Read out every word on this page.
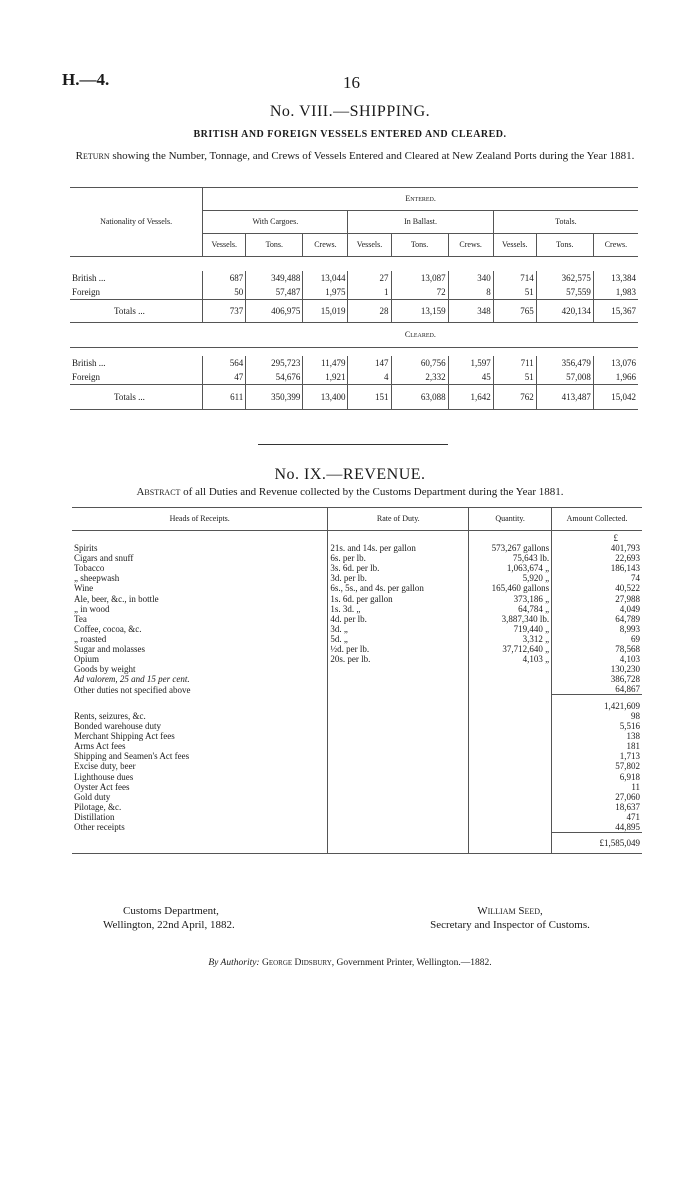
H.—4.	16
No. VIII.—SHIPPING.
BRITISH AND FOREIGN VESSELS ENTERED AND CLEARED.
Return showing the Number, Tonnage, and Crews of Vessels Entered and Cleared at New Zealand Ports during the Year 1881.
Nationality of Vessels.	Entered.								
	With Cargoes.			In Ballast.			Totals.		
	Vessels.	Tons.	Crews.	Vessels.	Tons.	Crews.	Vessels.	Tons.	Crews.

British ...	687	349,488	13,044	27	13,087	340	714	362,575	13,384
Foreign	50	57,487	1,975	1	72	8	51	57,559	1,983
Totals ...	737	406,975	15,019	28	13,159	348	765	420,134	15,367
	Cleared.								

British ...	564	295,723	11,479	147	60,756	1,597	711	356,479	13,076
Foreign	47	54,676	1,921	4	2,332	45	51	57,008	1,966
Totals ...	611	350,399	13,400	151	63,088	1,642	762	413,487	15,042
No. IX.—REVENUE.
Abstract of all Duties and Revenue collected by the Customs Department during the Year 1881.
Heads of Receipts.	Rate of Duty.	Quantity.	Amount Collected.
			£
Spirits	21s. and 14s. per gallon	573,267 gallons	401,793
Cigars and snuff	6s. per lb.	75,643 lb.	22,693
Tobacco	3s. 6d. per lb.	1,063,674 „	186,143
„ sheepwash	3d. per lb.	5,920 „	74
Wine	6s., 5s., and 4s. per gallon	165,460 gallons	40,522
Ale, beer, &c., in bottle	1s. 6d. per gallon	373,186 „	27,988
„ in wood	1s. 3d. „	64,784 „	4,049
Tea	4d. per lb.	3,887,340 lb.	64,789
Coffee, cocoa, &c.	3d. „	719,440 „	8,993
„ roasted	5d. „	3,312 „	69
Sugar and molasses	½d. per lb.	37,712,640 „	78,568
Opium	20s. per lb.	4,103 „	4,103
Goods by weight			130,230
Ad valorem, 25 and 15 per cent.			386,728
Other duties not specified above			64,867
			1,421,609
Rents, seizures, &c.			98
Bonded warehouse duty			5,516
Merchant Shipping Act fees			138
Arms Act fees			181
Shipping and Seamen's Act fees			1,713
Excise duty, beer			57,802
Lighthouse dues			6,918
Oyster Act fees			11
Gold duty			27,060
Pilotage, &c.			18,637
Distillation			471
Other receipts			44,895
			£1,585,049
Customs Department,
Wellington, 22nd April, 1882.
William Seed,
Secretary and Inspector of Customs.
By Authority: George Didsbury, Government Printer, Wellington.—1882.
